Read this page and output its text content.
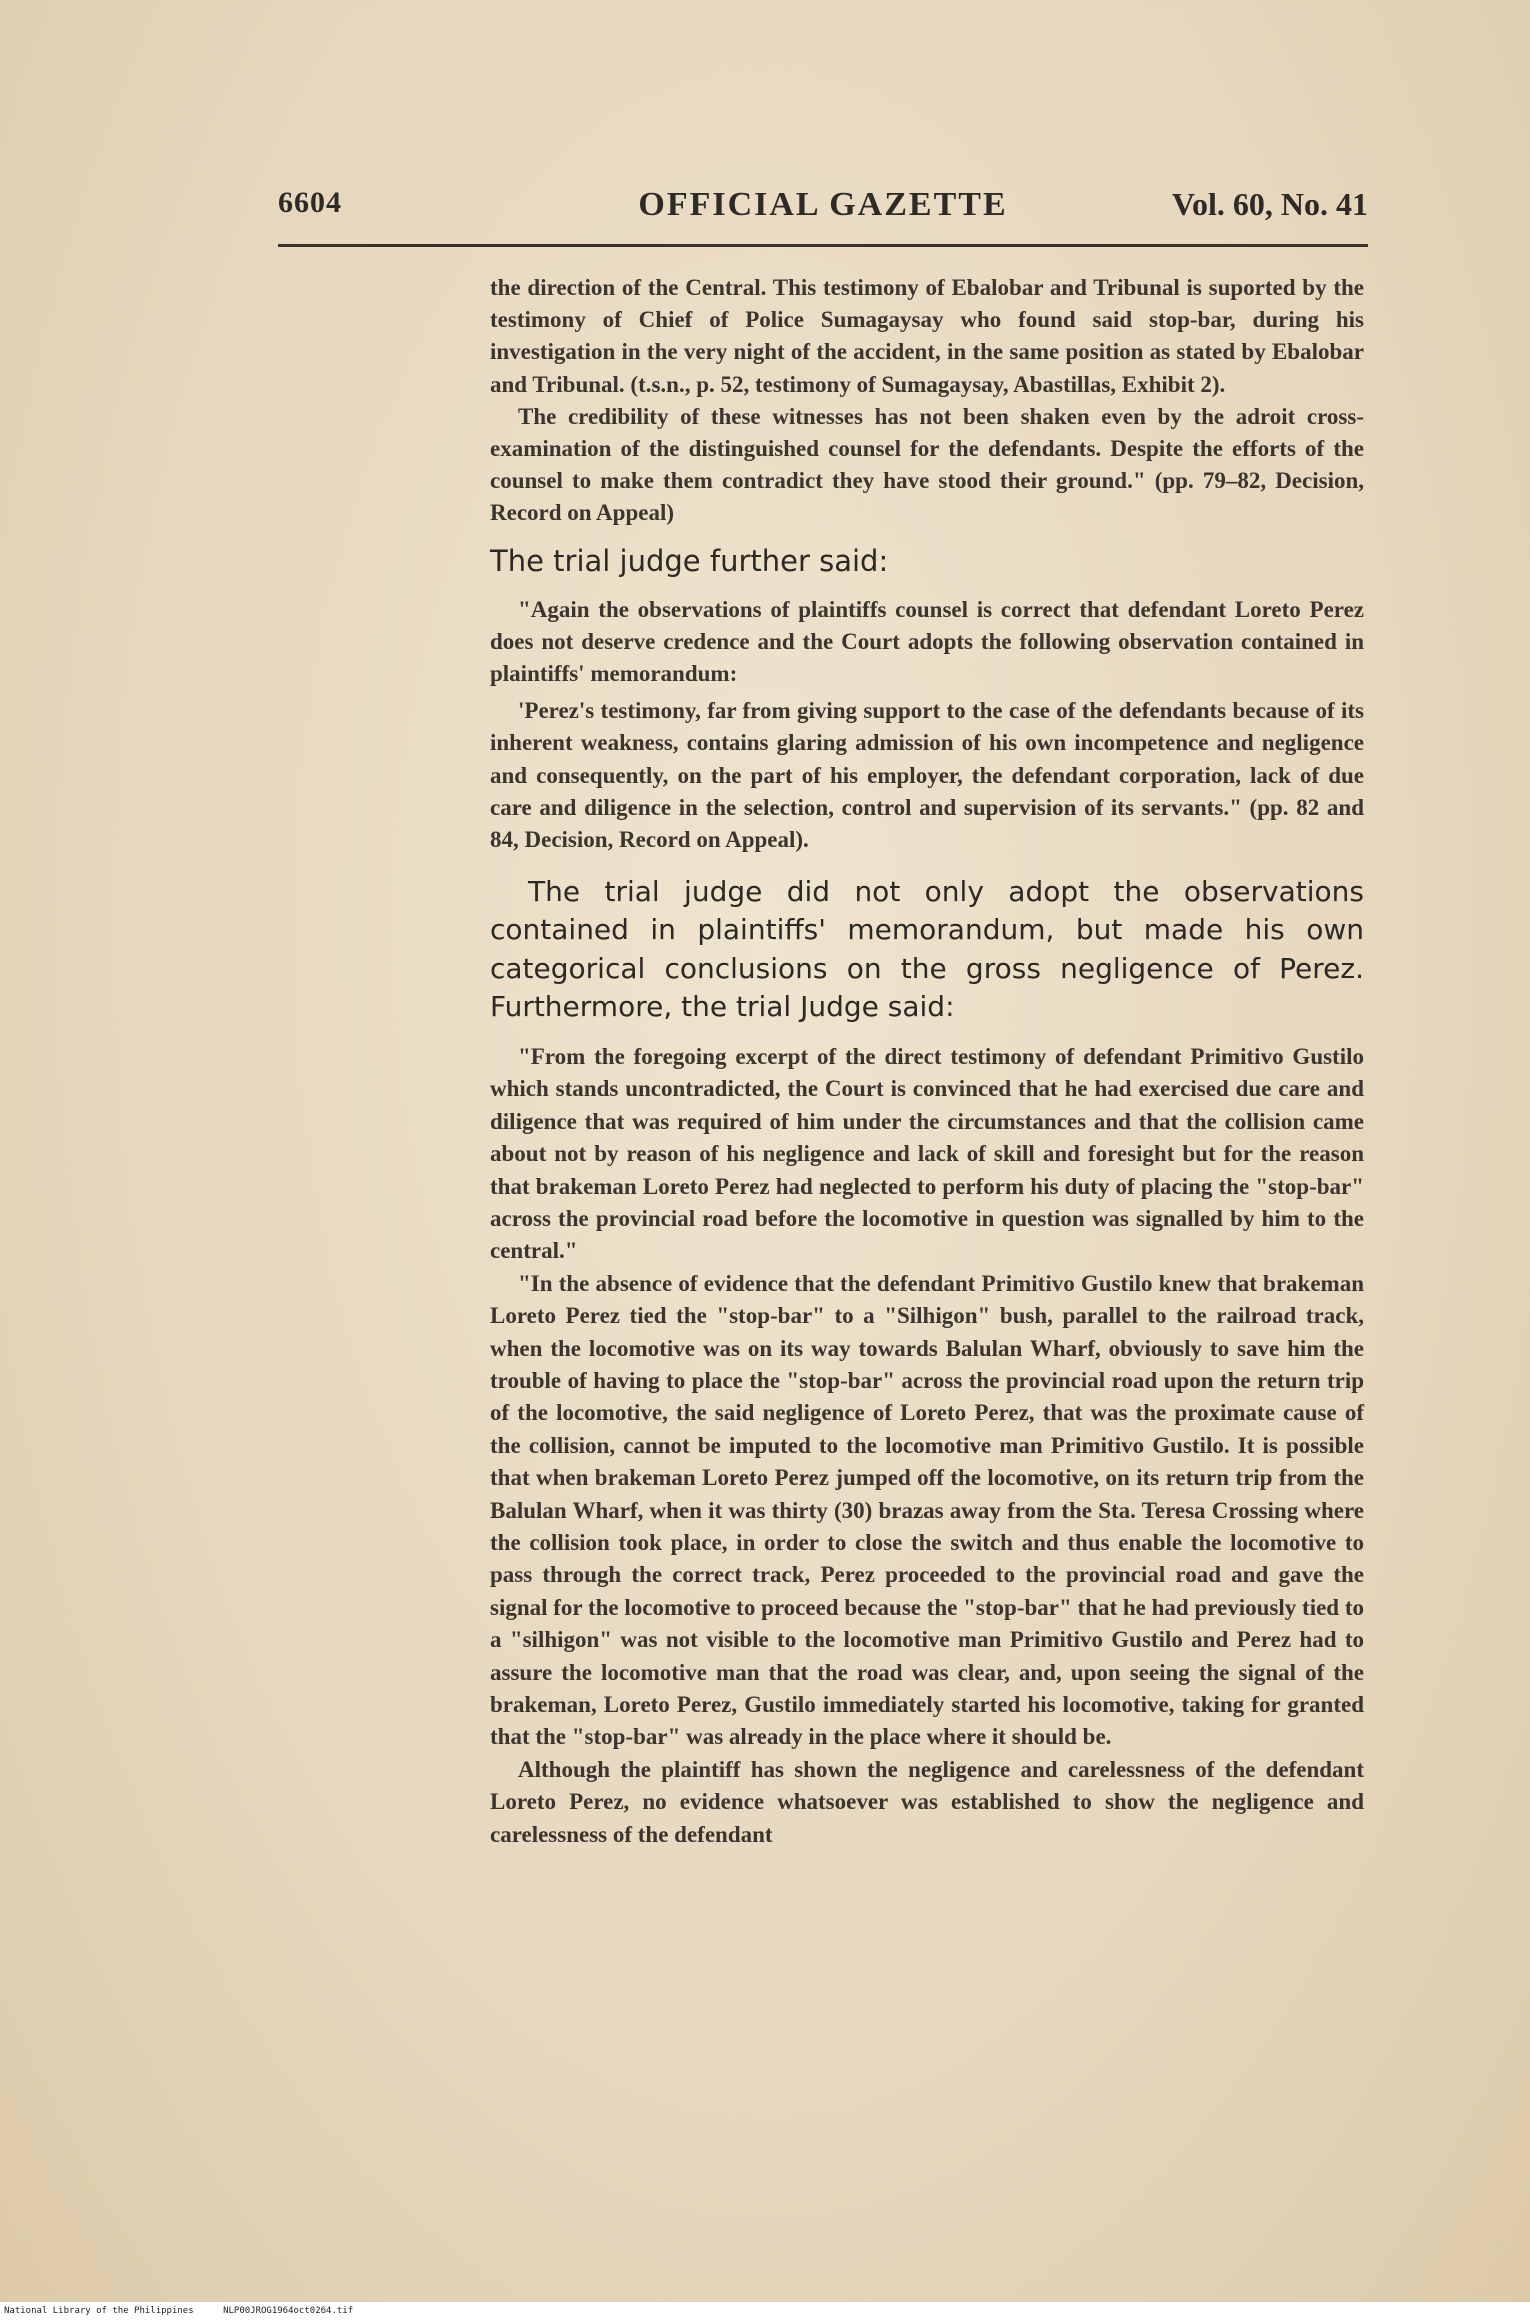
6604	OFFICIAL GAZETTE	Vol. 60, No. 41

the direction of the Central. This testimony of Ebalobar and Tribunal is suported by the testimony of Chief of Police Sumagaysay who found said stop-bar, during his investigation in the very night of the accident, in the same position as stated by Ebalobar and Tribunal. (t.s.n., p. 52, testimony of Sumagaysay, Abastillas, Exhibit 2).

The credibility of these witnesses has not been shaken even by the adroit cross-examination of the distinguished counsel for the defendants. Despite the efforts of the counsel to make them contradict they have stood their ground." (pp. 79–82, Decision, Record on Appeal)

The trial judge further said:

"Again the observations of plaintiffs counsel is correct that defendant Loreto Perez does not deserve credence and the Court adopts the following observation contained in plaintiffs' memorandum:

'Perez's testimony, far from giving support to the case of the defendants because of its inherent weakness, contains glaring admission of his own incompetence and negligence and consequently, on the part of his employer, the defendant corporation, lack of due care and diligence in the selection, control and supervision of its servants." (pp. 82 and 84, Decision, Record on Appeal).

The trial judge did not only adopt the observations contained in plaintiffs' memorandum, but made his own categorical conclusions on the gross negligence of Perez. Furthermore, the trial Judge said:

"From the foregoing excerpt of the direct testimony of defendant Primitivo Gustilo which stands uncontradicted, the Court is convinced that he had exercised due care and diligence that was required of him under the circumstances and that the collision came about not by reason of his negligence and lack of skill and foresight but for the reason that brakeman Loreto Perez had neglected to perform his duty of placing the "stop-bar" across the provincial road before the locomotive in question was signalled by him to the central."

"In the absence of evidence that the defendant Primitivo Gustilo knew that brakeman Loreto Perez tied the "stop-bar" to a "Silhigon" bush, parallel to the railroad track, when the locomotive was on its way towards Balulan Wharf, obviously to save him the trouble of having to place the "stop-bar" across the provincial road upon the return trip of the locomotive, the said negligence of Loreto Perez, that was the proximate cause of the collision, cannot be imputed to the locomotive man Primitivo Gustilo. It is possible that when brakeman Loreto Perez jumped off the locomotive, on its return trip from the Balulan Wharf, when it was thirty (30) brazas away from the Sta. Teresa Crossing where the collision took place, in order to close the switch and thus enable the locomotive to pass through the correct track, Perez proceeded to the provincial road and gave the signal for the locomotive to proceed because the "stop-bar" that he had previously tied to a "silhigon" was not visible to the locomotive man Primitivo Gustilo and Perez had to assure the locomotive man that the road was clear, and, upon seeing the signal of the brakeman, Loreto Perez, Gustilo immediately started his locomotive, taking for granted that the "stop-bar" was already in the place where it should be.

Although the plaintiff has shown the negligence and carelessness of the defendant Loreto Perez, no evidence whatsoever was established to show the negligence and carelessness of the defendant

National Library of the Philippines	NLP00JROG1964oct0264.tif
